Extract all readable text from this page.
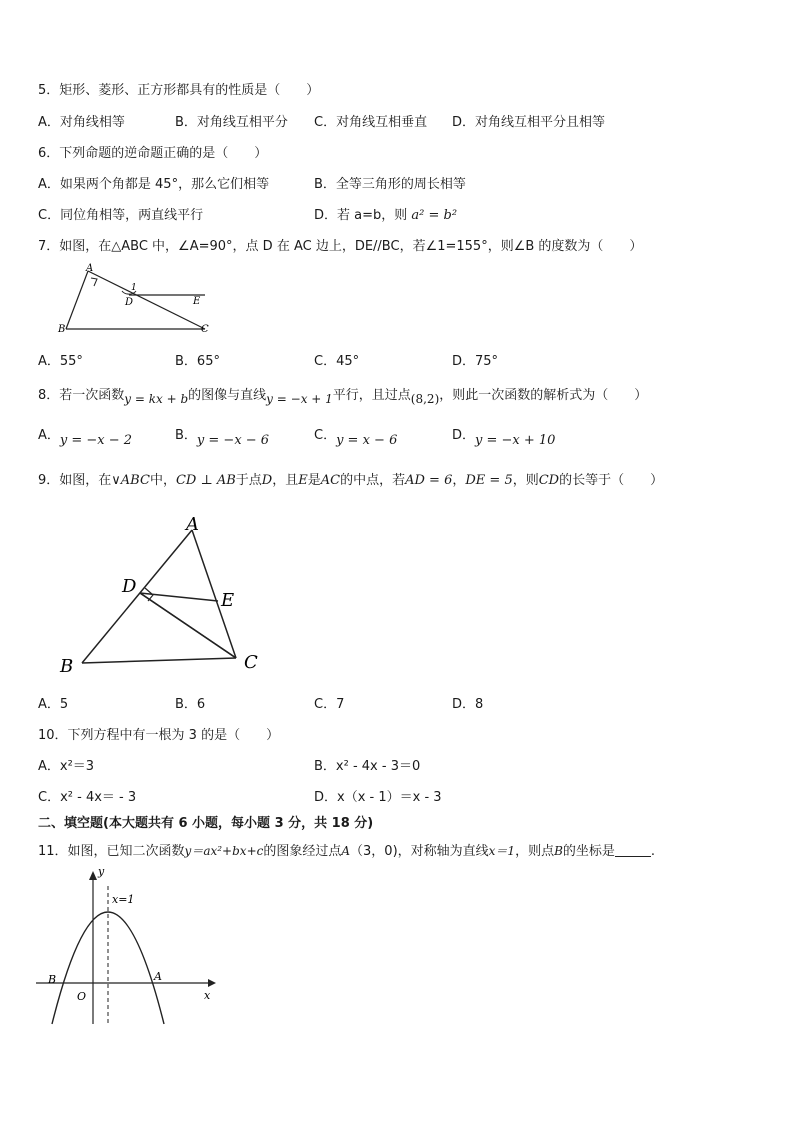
5．矩形、菱形、正方形都具有的性质是（　　）
A．对角线相等	B．对角线互相平分 C．对角线互相垂直 D．对角线互相平分且相等
6．下列命题的逆命题正确的是（　　）
A．如果两个角都是 45°，那么它们相等	B．全等三角形的周长相等
C．同位角相等，两直线平行	D．若 a=b，则 a² = b²
7．如图，在△ABC 中，∠A=90°，点 D 在 AC 边上，DE//BC，若∠1=155°，则∠B 的度数为（　　）
A
B	C
D	E
1
A．55°	B．65°	C．45°	D．75°
8．若一次函数y = kx + b的图像与直线y = −x + 1平行，且过点(8,2)，则此一次函数的解析式为（　　）
A．y = −x − 2	B．y = −x − 6	C．y = x − 6	D．y = −x + 10
9．如图，在∨ABC中，CD ⊥ AB于点D，且E是AC的中点，若AD = 6，DE = 5，则CD的长等于（　　）
A
B	C
D
E
A．5	B．6	C．7	D．8
10．下列方程中有一根为 3 的是（　　）
A．x²＝3	B．x² - 4x - 3＝0
C．x² - 4x＝ - 3	D．x（x - 1）＝x - 3
二、填空题(本大题共有 6 小题，每小题 3 分，共 18 分)
11．如图，已知二次函数y＝ax²+bx+c的图象经过点A（3，0)，对称轴为直线x＝1，则点B的坐标是	.
y
x
O
A
B
x=1
